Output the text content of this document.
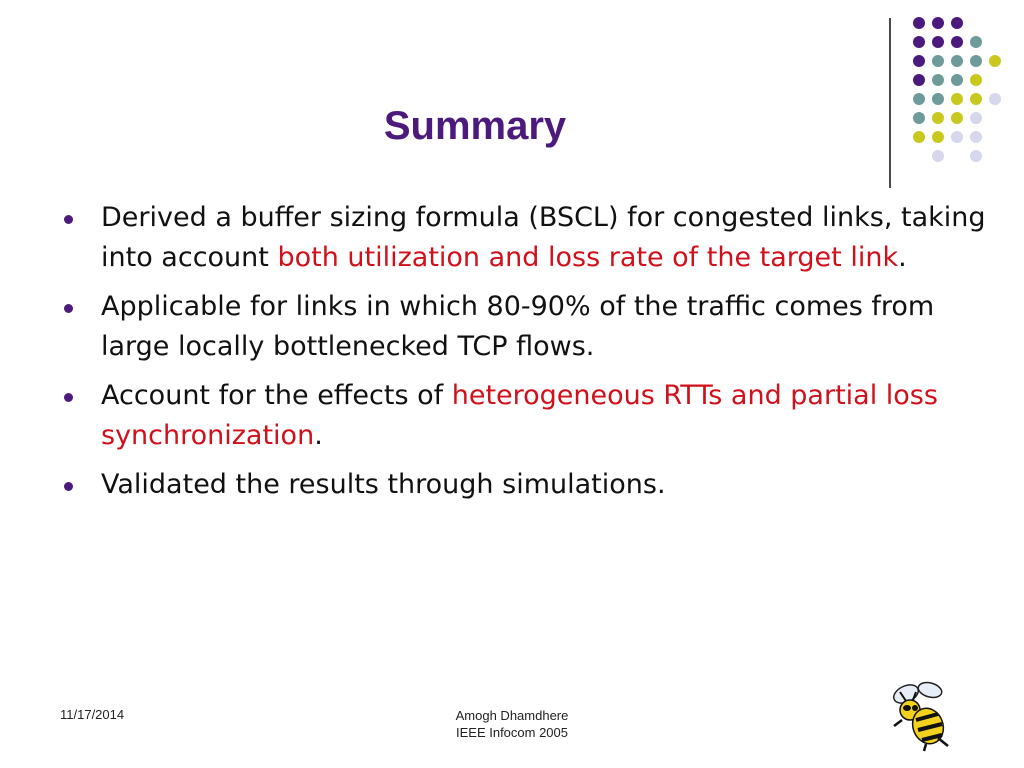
Summary
Derived a buffer sizing formula (BSCL) for congested links, taking into account both utilization and loss rate of the target link.
Applicable for links in which 80-90% of the traffic comes from large locally bottlenecked TCP flows.
Account for the effects of heterogeneous RTTs and partial loss synchronization.
Validated the results through simulations.
11/17/2014	Amogh Dhamdhere
IEEE Infocom 2005
